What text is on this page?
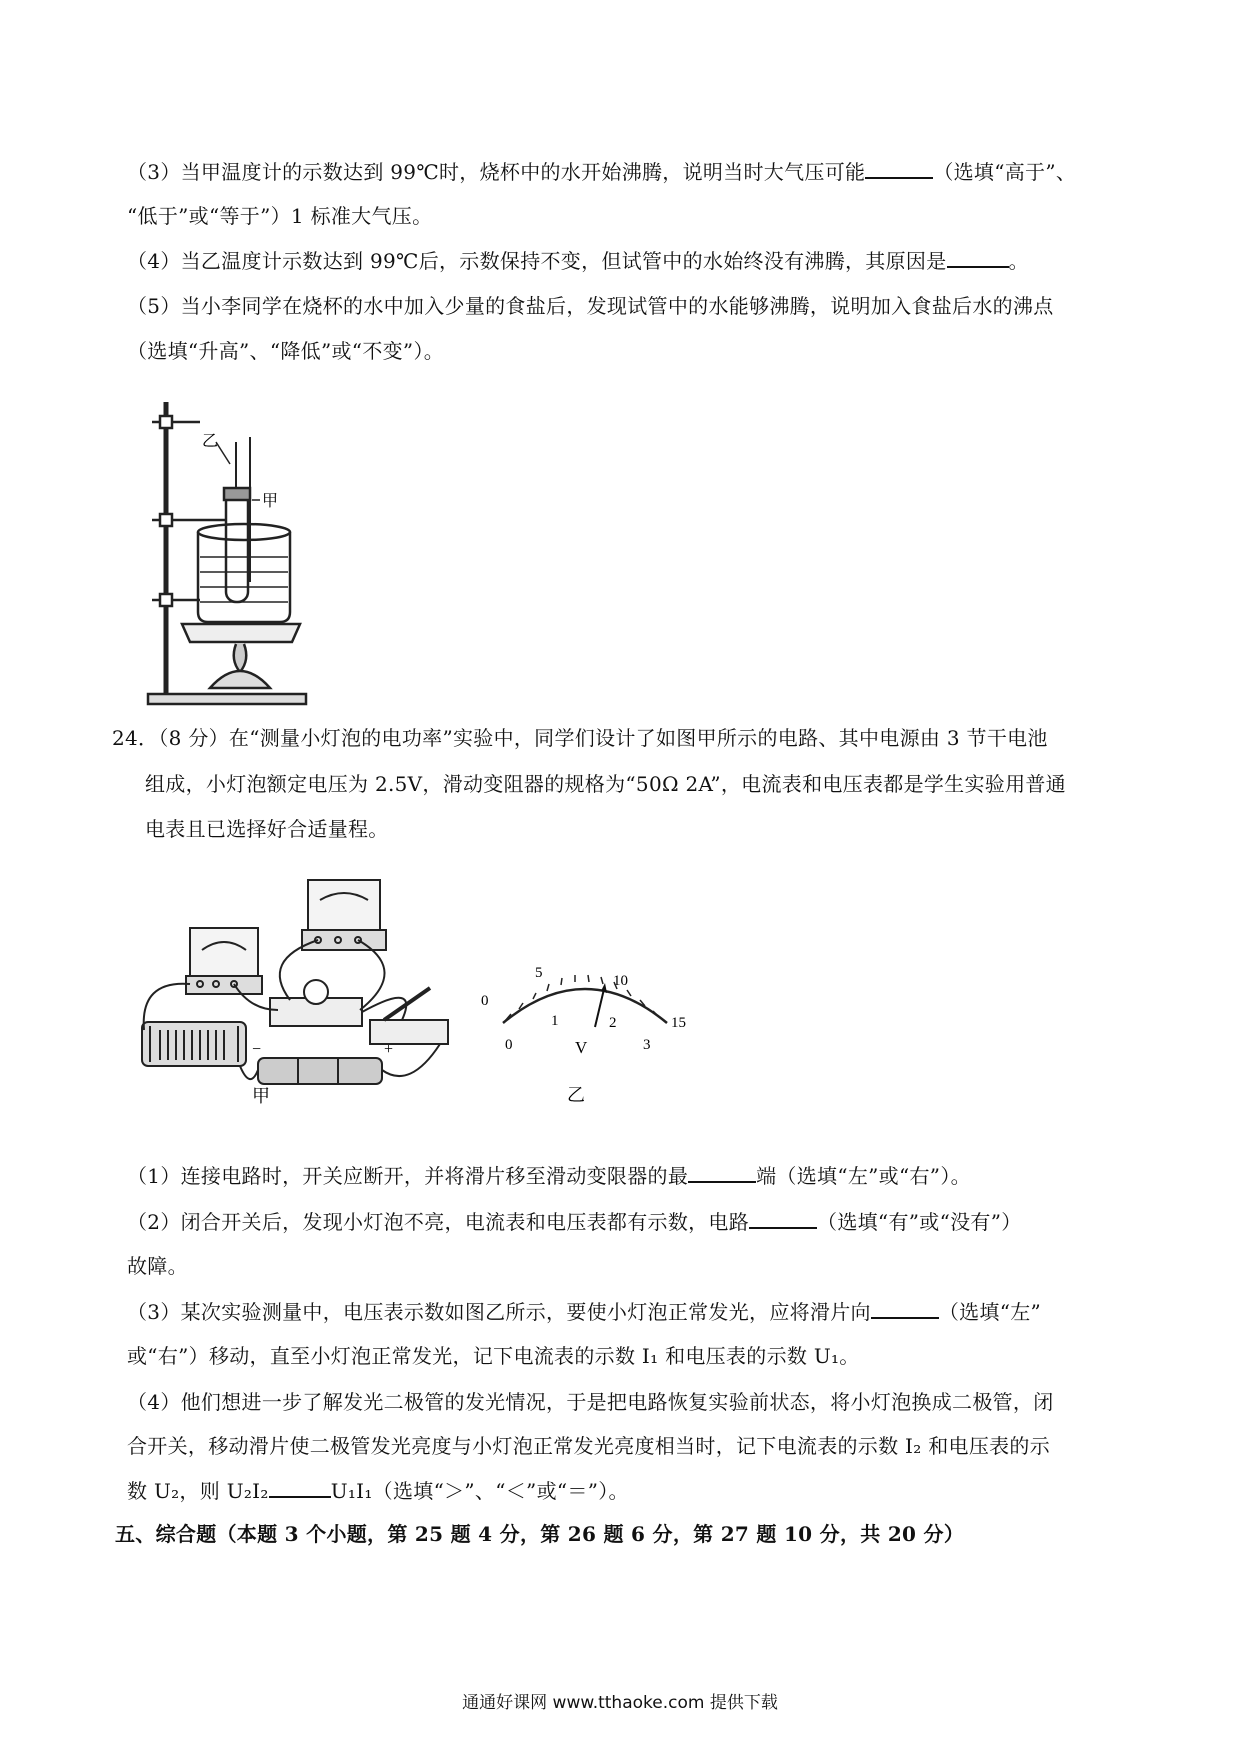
（3）当甲温度计的示数达到 99℃时，烧杯中的水开始沸腾，说明当时大气压可能	（选填“高于”、
“低于”或“等于”）1 标准大气压。
（4）当乙温度计示数达到 99℃后，示数保持不变，但试管中的水始终没有沸腾，其原因是	。
（5）当小李同学在烧杯的水中加入少量的食盐后，发现试管中的水能够沸腾，说明加入食盐后水的沸点
（选填“升高”、“降低”或“不变”）。
乙
甲
24．（8 分）在“测量小灯泡的电功率”实验中，同学们设计了如图甲所示的电路、其中电源由 3 节干电池
组成，小灯泡额定电压为 2.5V，滑动变阻器的规格为“50Ω 2A”，电流表和电压表都是学生实验用普通
电表且已选择好合适量程。
−	+
甲
0
5	10
15
0
1	2
3
V
乙
（1）连接电路时，开关应断开，并将滑片移至滑动变限器的最	端（选填“左”或“右”）。
（2）闭合开关后，发现小灯泡不亮，电流表和电压表都有示数，电路	（选填“有”或“没有”）
故障。
（3）某次实验测量中，电压表示数如图乙所示，要使小灯泡正常发光，应将滑片向	（选填“左”
或“右”）移动，直至小灯泡正常发光，记下电流表的示数 I₁ 和电压表的示数 U₁。
（4）他们想进一步了解发光二极管的发光情况，于是把电路恢复实验前状态，将小灯泡换成二极管，闭
合开关，移动滑片使二极管发光亮度与小灯泡正常发光亮度相当时，记下电流表的示数 I₂ 和电压表的示
数 U₂，则 U₂I₂	U₁I₁（选填“＞”、“＜”或“＝”）。
五、综合题（本题 3 个小题，第 25 题 4 分，第 26 题 6 分，第 27 题 10 分，共 20 分）
通通好课网 www.tthaoke.com 提供下载
